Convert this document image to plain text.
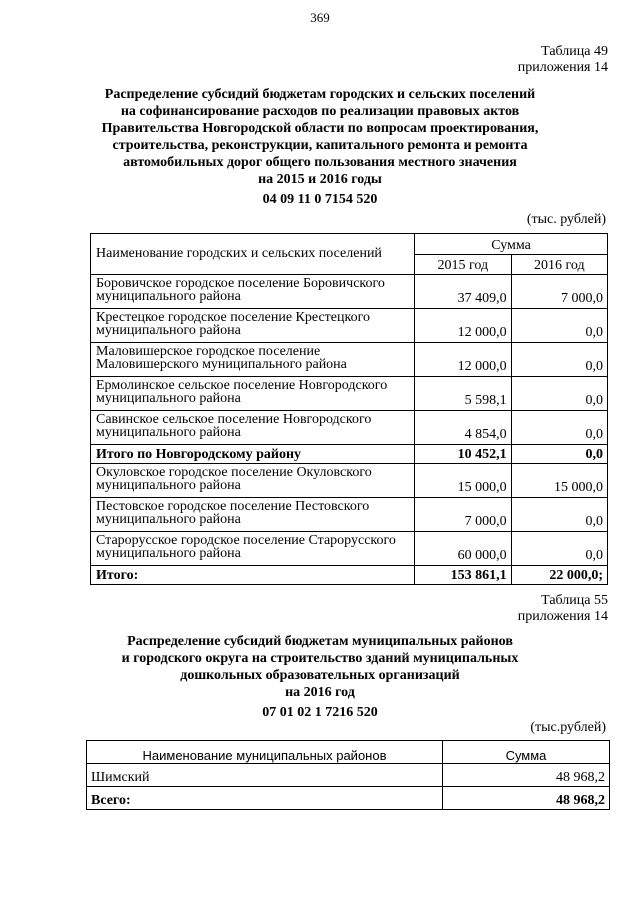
369
Таблица 49
приложения 14
Распределение субсидий бюджетам городских и сельских поселений
на софинансирование расходов по реализации правовых актов
Правительства Новгородской области по вопросам проектирования,
строительства, реконструкции, капитального ремонта и ремонта
автомобильных дорог общего пользования местного значения
на 2015 и 2016 годы
04 09 11 0 7154 520
(тыс. рублей)
Наименование городских и сельских поселений	Сумма	
	2015 год	2016 год
Боровичское городское поселение Боровичского муниципального района	37 409,0	7 000,0
Крестецкое городское поселение Крестецкого муниципального района	12 000,0	0,0
Маловишерское городское поселение Маловишерского муниципального района	12 000,0	0,0
Ермолинское сельское поселение Новгородского муниципального района	5 598,1	0,0
Савинское сельское поселение Новгородского муниципального района	4 854,0	0,0
Итого по Новгородскому району	10 452,1	0,0
Окуловское городское поселение Окуловского муниципального района	15 000,0	15 000,0
Пестовское городское поселение Пестовского муниципального района	7 000,0	0,0
Старорусское городское поселение Старорусского муниципального района	60 000,0	0,0
Итого:	153 861,1	22 000,0;
Таблица 55
приложения 14
Распределение субсидий бюджетам муниципальных районов
и городского округа на строительство зданий муниципальных
дошкольных образовательных организаций
на 2016 год
07 01 02 1 7216 520
(тыс.рублей)
Наименование муниципальных районов	Сумма
Шимский	48 968,2
Всего:	48 968,2
